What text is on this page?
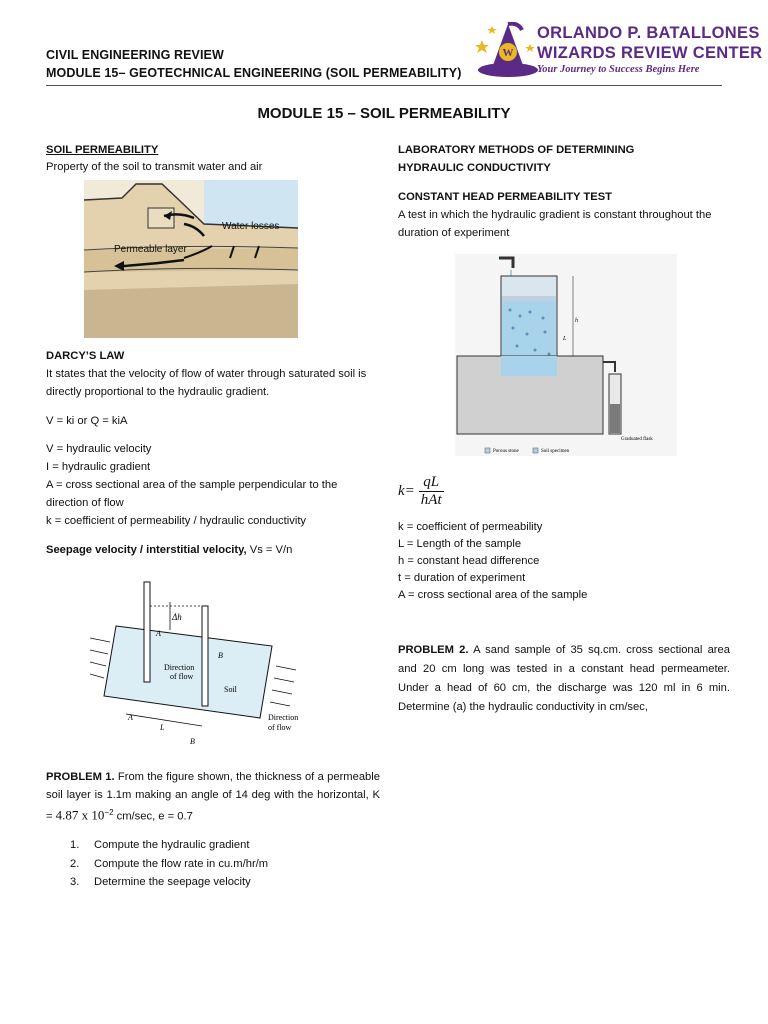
CIVIL ENGINEERING REVIEW
MODULE 15– GEOTECHNICAL ENGINEERING (SOIL PERMEABILITY)
W
ORLANDO P. BATALLONES
WIZARDS REVIEW CENTER
Your Journey to Success Begins Here
MODULE 15 – SOIL PERMEABILITY
SOIL PERMEABILITY
Property of the soil to transmit water and air
Water losses
Permeable layer
DARCY’S LAW
It states that the velocity of flow of water through saturated soil is directly proportional to the hydraulic gradient.
V = ki or Q = kiA
V = hydraulic velocity
I = hydraulic gradient
A = cross sectional area of the sample perpendicular to the direction of flow
k = coefficient of permeability / hydraulic conductivity
Seepage velocity / interstitial velocity, Vs = V/n
Δh
A
B
Direction
of flow
Soil
L
A
B
Direction
of flow
PROBLEM 1. From the figure shown, the thickness of a permeable soil layer is 1.1m making an angle of 14 deg with the horizontal, K = 4.87 x $10^{-2}$ cm/sec, e = 0.7
1. Compute the hydraulic gradient
2. Compute the flow rate in cu.m/hr/m
3. Determine the seepage velocity
LABORATORY METHODS OF DETERMINING HYDRAULIC CONDUCTIVITY
CONSTANT HEAD PERMEABILITY TEST
A test in which the hydraulic gradient is constant throughout the duration of experiment
h
L
Graduated flask
Porous stone	Soil specimen
k=
qL
hAt
k = coefficient of permeability
L = Length of the sample
h = constant head difference
t = duration of experiment
A = cross sectional area of the sample
PROBLEM 2. A sand sample of 35 sq.cm. cross sectional area and 20 cm long was tested in a constant head permeameter. Under a head of 60 cm, the discharge was 120 ml in 6 min. Determine (a) the hydraulic conductivity in cm/sec,
